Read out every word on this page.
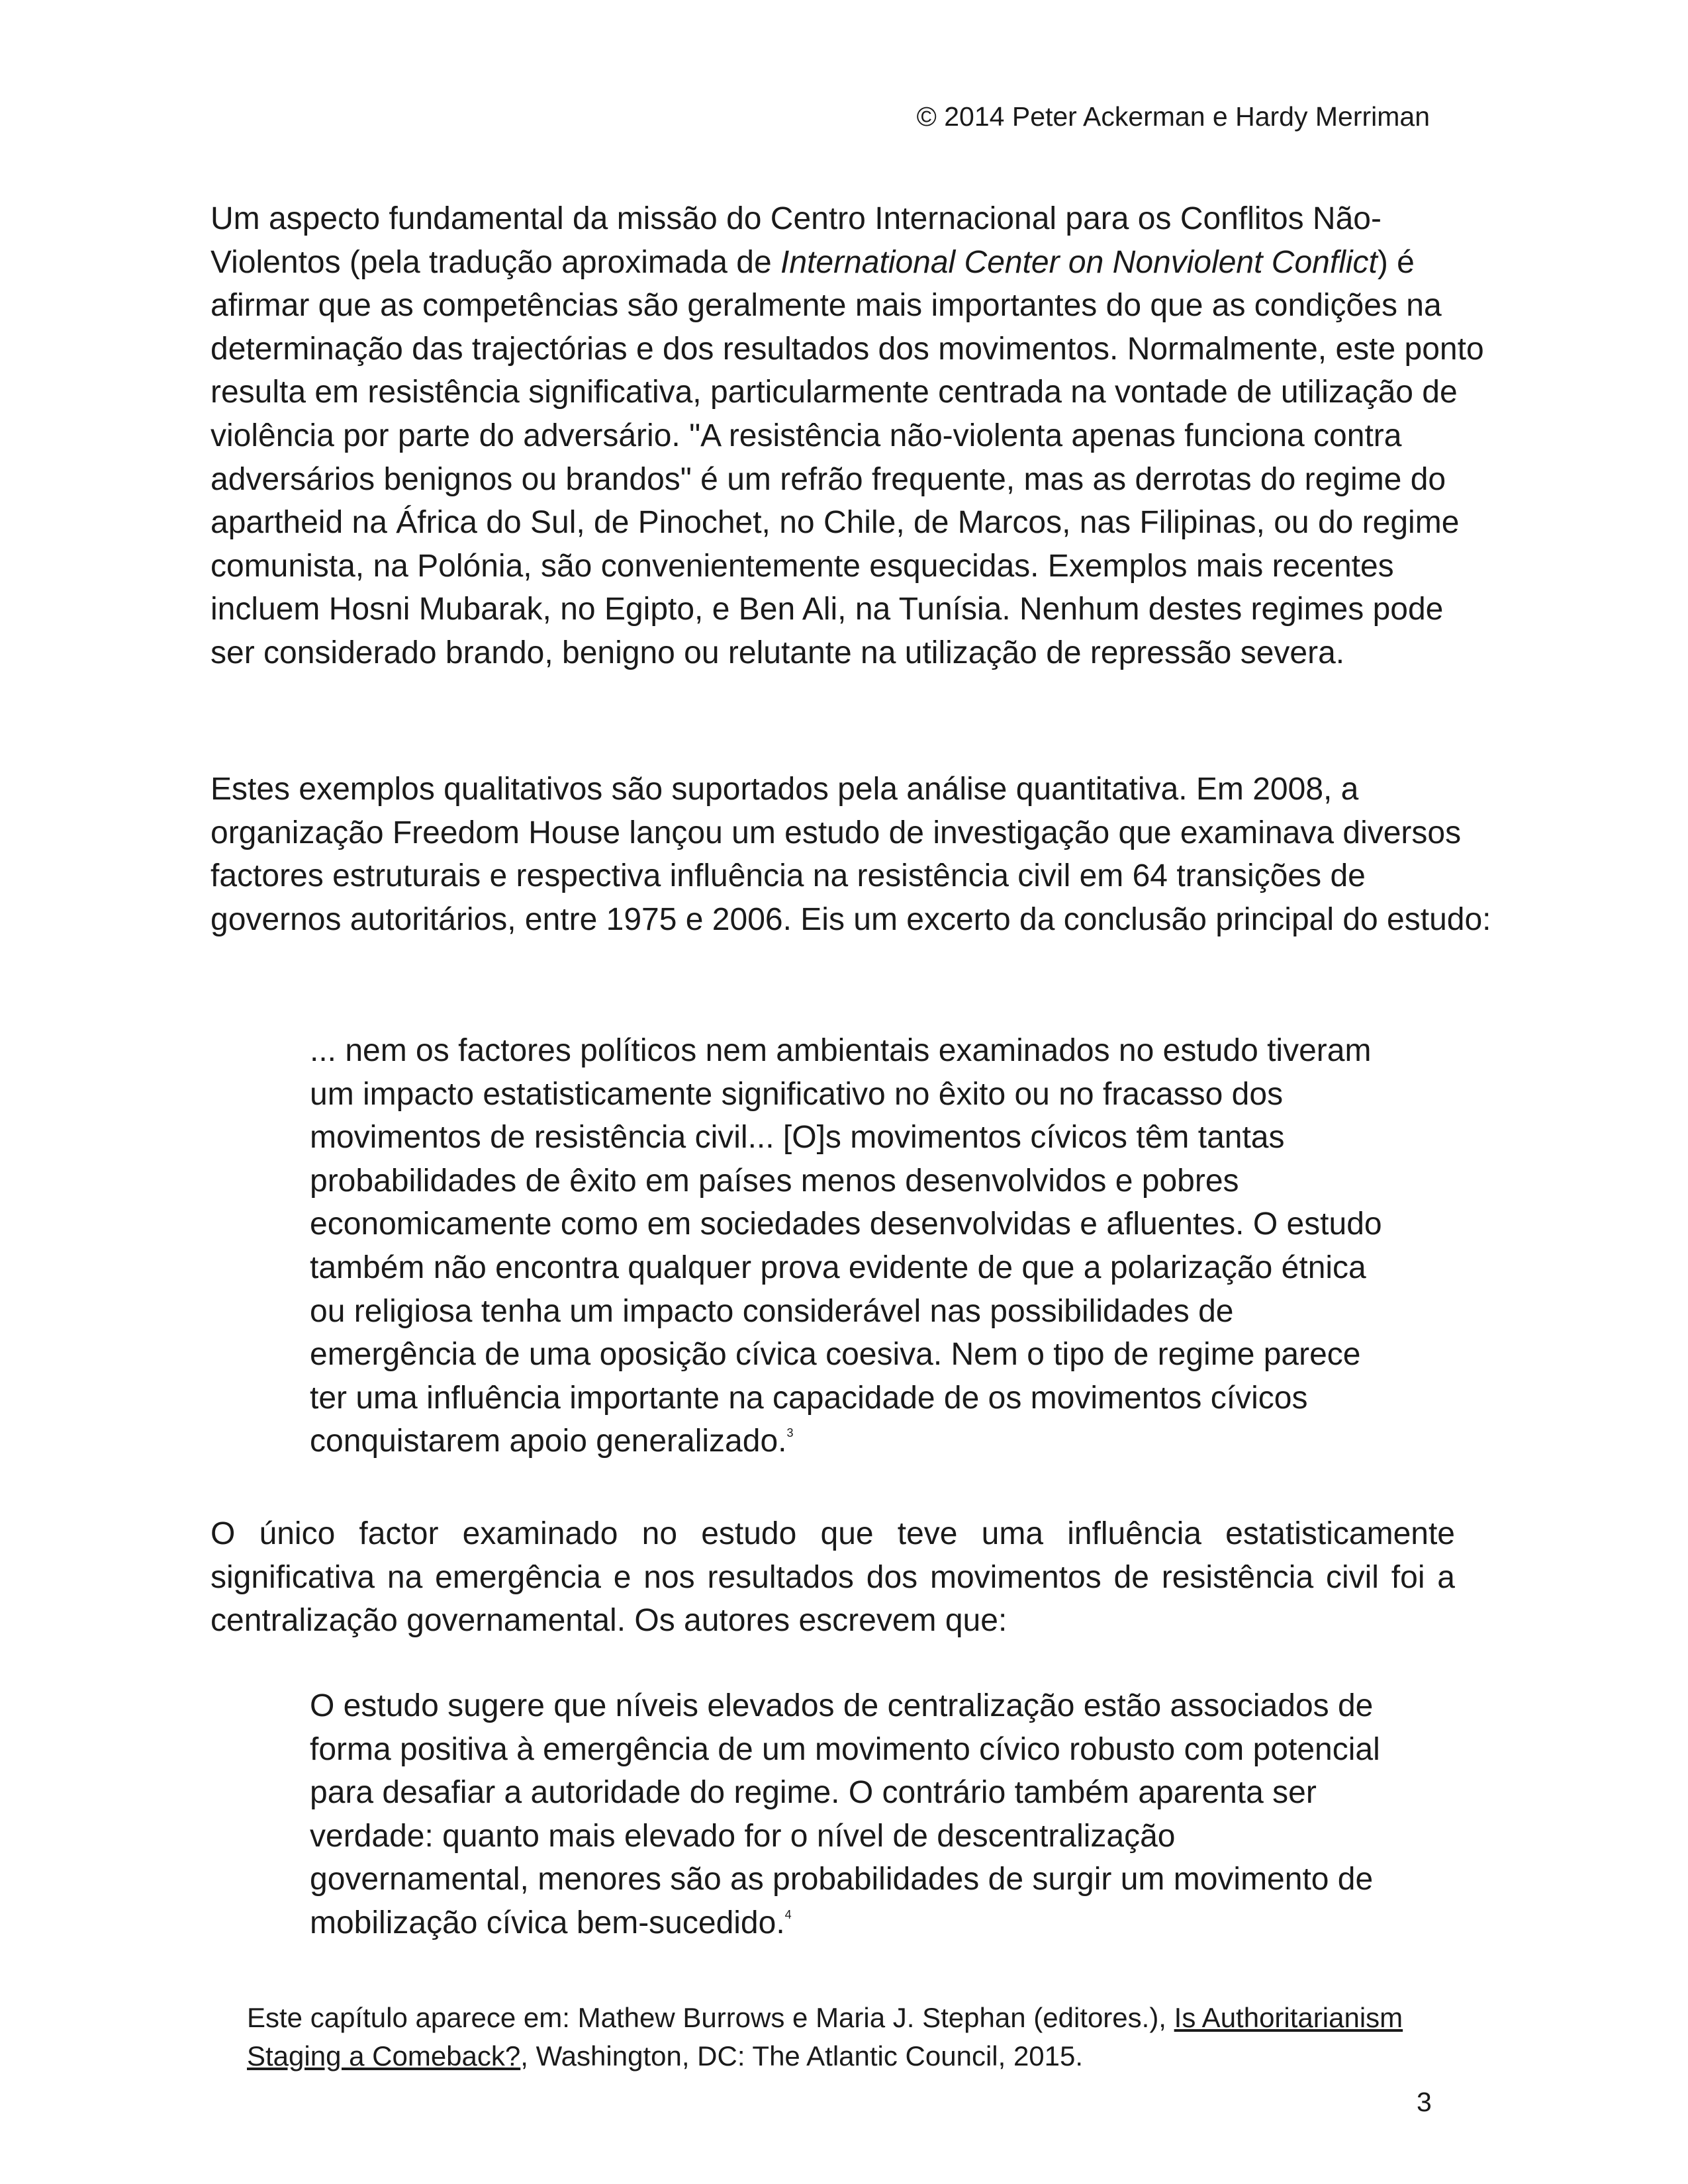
© 2014 Peter Ackerman e Hardy Merriman

Um aspecto fundamental da missão do Centro Internacional para os Conflitos Não-Violentos (pela tradução aproximada de International Center on Nonviolent Conflict) é afirmar que as competências são geralmente mais importantes do que as condições na determinação das trajectórias e dos resultados dos movimentos. Normalmente, este ponto resulta em resistência significativa, particularmente centrada na vontade de utilização de violência por parte do adversário. "A resistência não-violenta apenas funciona contra adversários benignos ou brandos" é um refrão frequente, mas as derrotas do regime do apartheid na África do Sul, de Pinochet, no Chile, de Marcos, nas Filipinas, ou do regime comunista, na Polónia, são convenientemente esquecidas. Exemplos mais recentes incluem Hosni Mubarak, no Egipto, e Ben Ali, na Tunísia. Nenhum destes regimes pode ser considerado brando, benigno ou relutante na utilização de repressão severa.

Estes exemplos qualitativos são suportados pela análise quantitativa. Em 2008, a organização Freedom House lançou um estudo de investigação que examinava diversos factores estruturais e respectiva influência na resistência civil em 64 transições de governos autoritários, entre 1975 e 2006. Eis um excerto da conclusão principal do estudo:

... nem os factores políticos nem ambientais examinados no estudo tiveram um impacto estatisticamente significativo no êxito ou no fracasso dos movimentos de resistência civil... [O]s movimentos cívicos têm tantas probabilidades de êxito em países menos desenvolvidos e pobres economicamente como em sociedades desenvolvidas e afluentes. O estudo também não encontra qualquer prova evidente de que a polarização étnica ou religiosa tenha um impacto considerável nas possibilidades de emergência de uma oposição cívica coesiva. Nem o tipo de regime parece ter uma influência importante na capacidade de os movimentos cívicos conquistarem apoio generalizado.$^3$

O único factor examinado no estudo que teve uma influência estatisticamente significativa na emergência e nos resultados dos movimentos de resistência civil foi a centralização governamental. Os autores escrevem que:

O estudo sugere que níveis elevados de centralização estão associados de forma positiva à emergência de um movimento cívico robusto com potencial para desafiar a autoridade do regime. O contrário também aparenta ser verdade: quanto mais elevado for o nível de descentralização governamental, menores são as probabilidades de surgir um movimento de mobilização cívica bem-sucedido.$^4$
Este capítulo aparece em: Mathew Burrows e Maria J. Stephan (editores.), Is Authoritarianism Staging a Comeback?, Washington, DC: The Atlantic Council, 2015.
3
